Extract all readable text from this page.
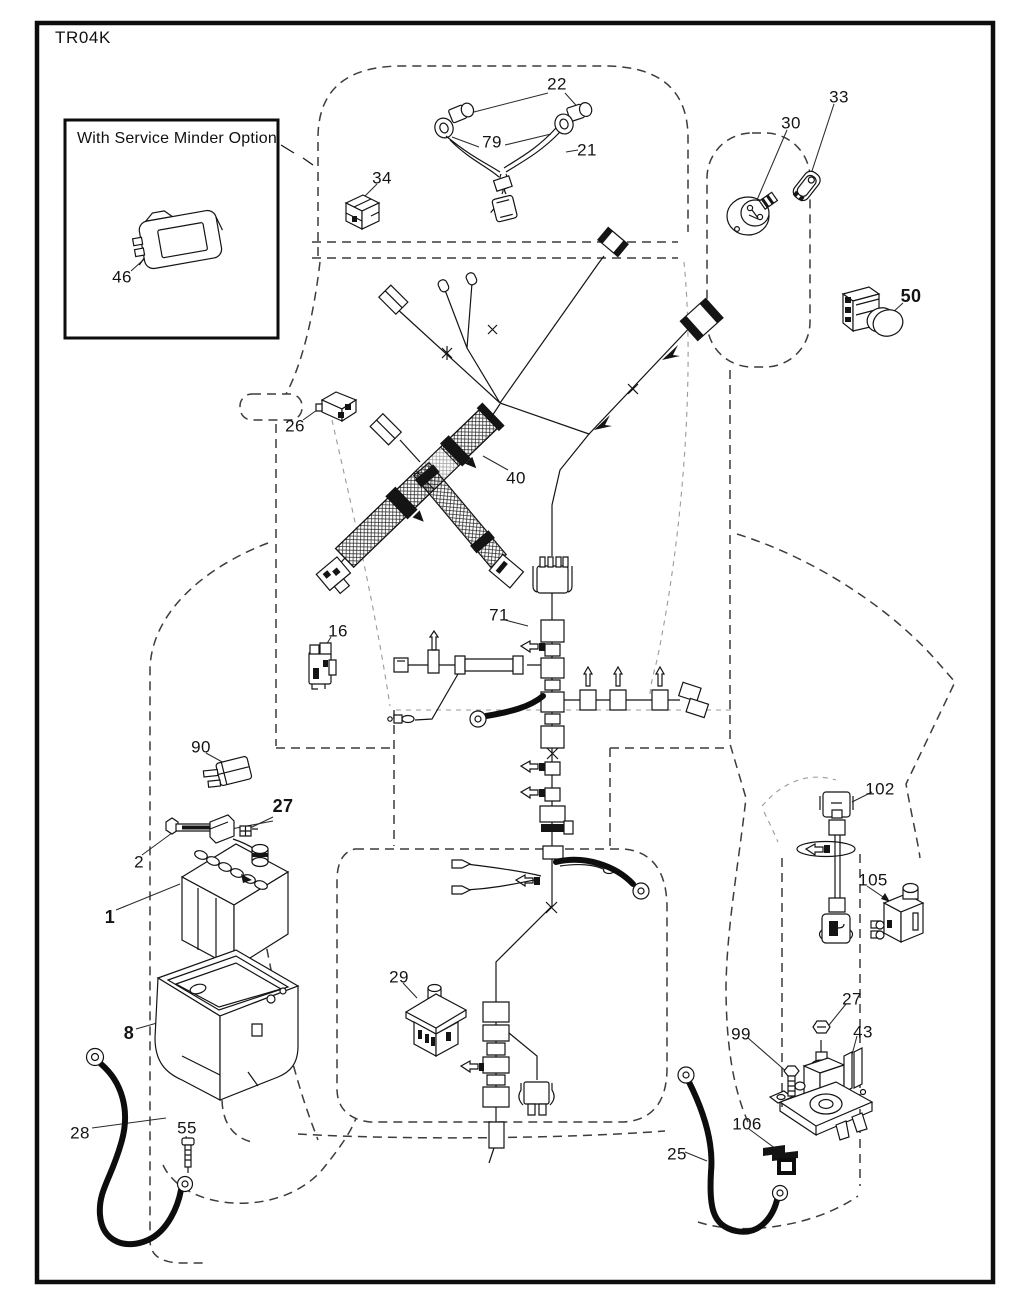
TR04K
With Service Minder Option
46
22
79	21
34
30
33
50
26
40
16
71
90
27
2
1
8
28	55
29
102
105
27
43
99
106
25
